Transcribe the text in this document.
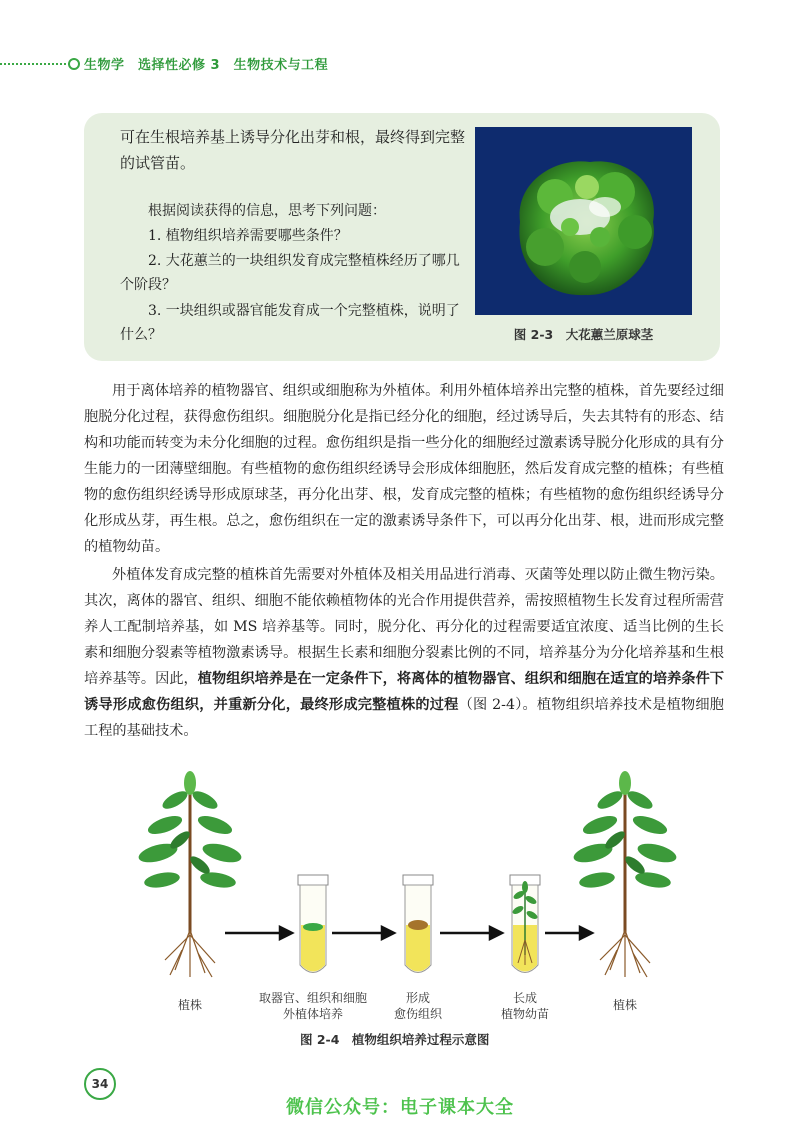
生物学　选择性必修 3　生物技术与工程
可在生根培养基上诱导分化出芽和根，最终得到完整的试管苗。
根据阅读获得的信息，思考下列问题：
1. 植物组织培养需要哪些条件？
2. 大花蕙兰的一块组织发育成完整植株经历了哪几个阶段？
3. 一块组织或器官能发育成一个完整植株，说明了什么？	图 2-3　大花蕙兰原球茎
用于离体培养的植物器官、组织或细胞称为外植体。利用外植体培养出完整的植株，首先要经过细胞脱分化过程，获得愈伤组织。细胞脱分化是指已经分化的细胞，经过诱导后，失去其特有的形态、结构和功能而转变为未分化细胞的过程。愈伤组织是指一些分化的细胞经过激素诱导脱分化形成的具有分生能力的一团薄壁细胞。有些植物的愈伤组织经诱导会形成体细胞胚，然后发育成完整的植株；有些植物的愈伤组织经诱导形成原球茎，再分化出芽、根，发育成完整的植株；有些植物的愈伤组织经诱导分化形成丛芽，再生根。总之，愈伤组织在一定的激素诱导条件下，可以再分化出芽、根，进而形成完整的植物幼苗。
外植体发育成完整的植株首先需要对外植体及相关用品进行消毒、灭菌等处理以防止微生物污染。其次，离体的器官、组织、细胞不能依赖植物体的光合作用提供营养，需按照植物生长发育过程所需营养人工配制培养基，如 MS 培养基等。同时，脱分化、再分化的过程需要适宜浓度、适当比例的生长素和细胞分裂素等植物激素诱导。根据生长素和细胞分裂素比例的不同，培养基分为分化培养基和生根培养基等。因此，植物组织培养是在一定条件下，将离体的植物器官、组织和细胞在适宜的培养条件下诱导形成愈伤组织，并重新分化，最终形成完整植株的过程（图 2-4）。植物组织培养技术是植物细胞工程的基础技术。
植株	取器官、组织和细胞
外植体培养
形成
愈伤组织
长成
植物幼苗
植株
图 2-4　植物组织培养过程示意图
34
微信公众号：电子课本大全
